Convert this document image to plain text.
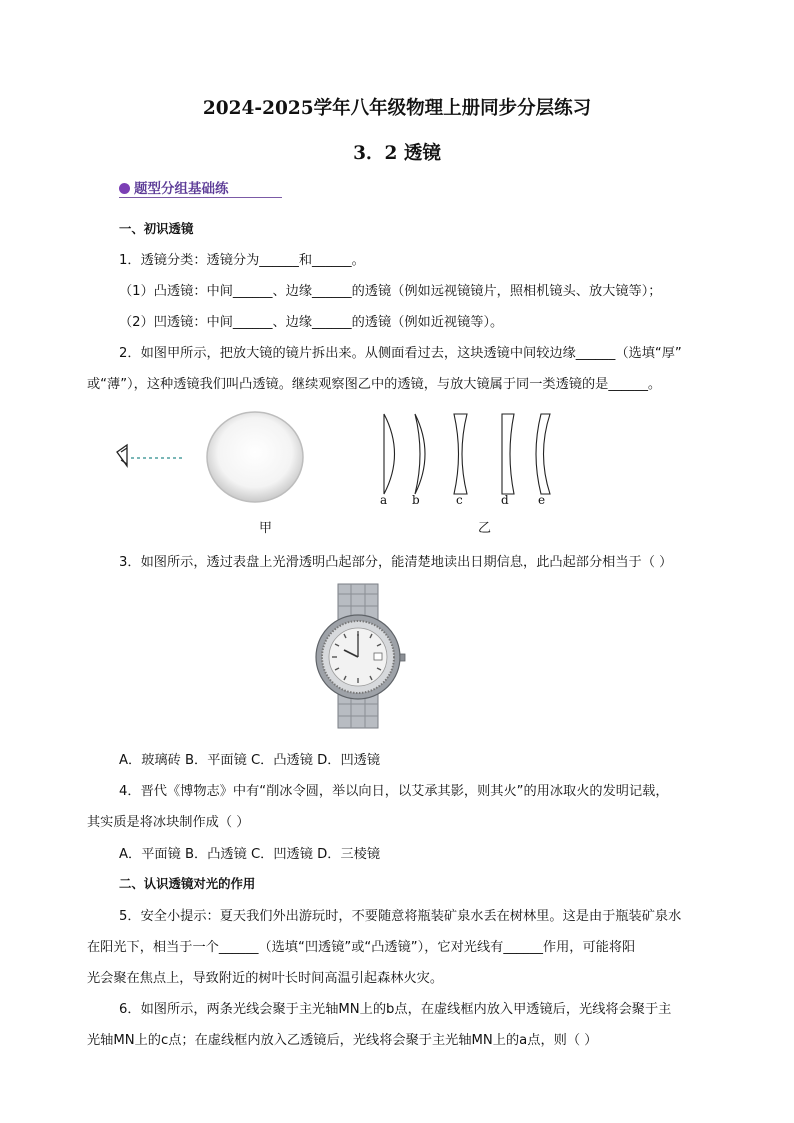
2024-2025学年八年级物理上册同步分层练习
3．2 透镜
题型分组基础练
一、初识透镜
1．透镜分类：透镜分为______和______。
（1）凸透镜：中间______、边缘______的透镜（例如远视镜镜片，照相机镜头、放大镜等）；
（2）凹透镜：中间______、边缘______的透镜（例如近视镜等）。
2．如图甲所示，把放大镜的镜片拆出来。从侧面看过去，这块透镜中间较边缘______（选填“厚”
或“薄”），这种透镜我们叫凸透镜。继续观察图乙中的透镜，与放大镜属于同一类透镜的是______。
a b	c	d e
甲	乙
3．如图所示，透过表盘上光滑透明凸起部分，能清楚地读出日期信息，此凸起部分相当于（ ）
A．玻璃砖 B．平面镜 C．凸透镜 D．凹透镜
4．晋代《博物志》中有“削冰令圆，举以向日，以艾承其影，则其火”的用冰取火的发明记载，
其实质是将冰块制作成（ ）
A．平面镜 B．凸透镜 C．凹透镜 D．三棱镜
二、认识透镜对光的作用
5．安全小提示：夏天我们外出游玩时，不要随意将瓶装矿泉水丢在树林里。这是由于瓶装矿泉水
在阳光下，相当于一个______（选填“凹透镜”或“凸透镜”），它对光线有______作用，可能将阳
光会聚在焦点上，导致附近的树叶长时间高温引起森林火灾。
6．如图所示，两条光线会聚于主光轴MN上的b点，在虚线框内放入甲透镜后，光线将会聚于主
光轴MN上的c点；在虚线框内放入乙透镜后，光线将会聚于主光轴MN上的a点，则（ ）
